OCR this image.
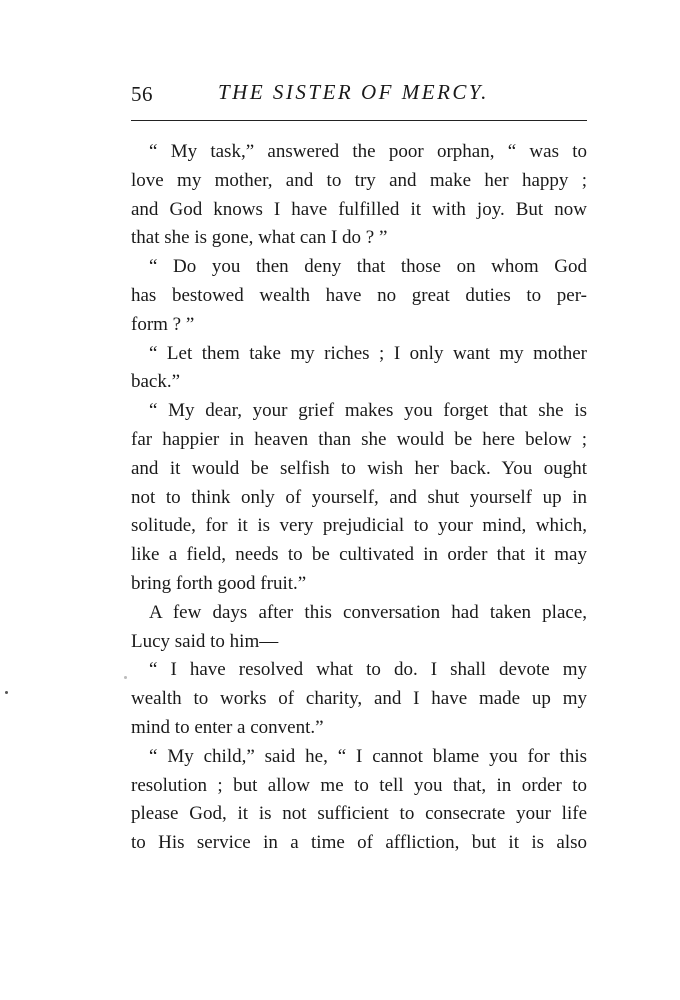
56	THE SISTER OF MERCY.
“ My task,” answered the poor orphan, “ was to
love my mother, and to try and make her happy ;
and God knows I have fulfilled it with joy. But now
that she is gone, what can I do ? ”
“ Do you then deny that those on whom God
has bestowed wealth have no great duties to per-
form ? ”
“ Let them take my riches ; I only want my mother
back.”
“ My dear, your grief makes you forget that she is
far happier in heaven than she would be here below ;
and it would be selfish to wish her back. You ought
not to think only of yourself, and shut yourself up in
solitude, for it is very prejudicial to your mind, which,
like a field, needs to be cultivated in order that it may
bring forth good fruit.”
A few days after this conversation had taken place,
Lucy said to him—
“ I have resolved what to do. I shall devote my
wealth to works of charity, and I have made up my
mind to enter a convent.”
“ My child,” said he, “ I cannot blame you for this
resolution ; but allow me to tell you that, in order to
please God, it is not sufficient to consecrate your life
to His service in a time of affliction, but it is also
